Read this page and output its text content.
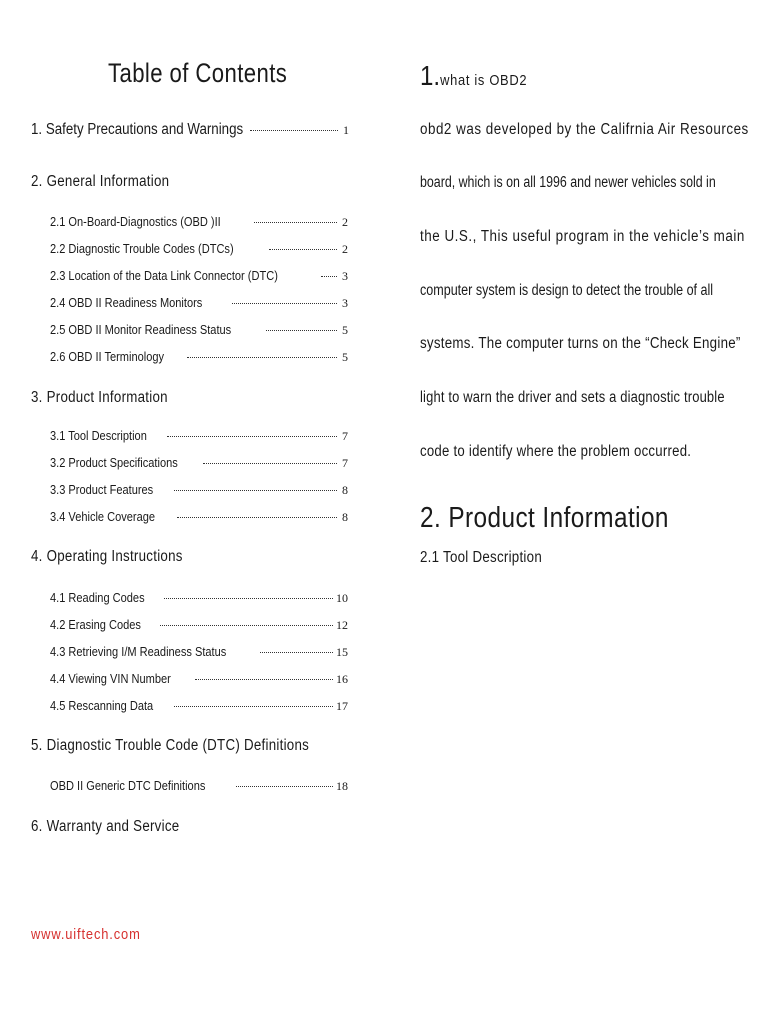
Table of Contents
1. Safety Precautions and Warnings	1
2. General Information
2.1 On-Board-Diagnostics (OBD )II	2
2.2 Diagnostic Trouble Codes (DTCs)	2
2.3 Location of the Data Link Connector (DTC)	3
2.4 OBD II Readiness Monitors	3
2.5 OBD II Monitor Readiness Status	5
2.6 OBD II Terminology	5
3. Product Information
3.1 Tool Description	7
3.2 Product Specifications	7
3.3 Product Features	8
3.4 Vehicle Coverage	8
4. Operating Instructions
4.1 Reading Codes	10
4.2 Erasing Codes	12
4.3 Retrieving I/M Readiness Status	15
4.4 Viewing VIN Number	16
4.5 Rescanning Data	17
5. Diagnostic Trouble Code (DTC) Definitions
OBD II Generic DTC Definitions	18
6. Warranty and Service
www.uiftech.com
1.what is OBD2
obd2 was developed by the Califrnia Air Resources
board, which is on all 1996 and newer vehicles sold in
the U.S., This useful program in the vehicle’s main
computer system is design to detect the trouble of all
systems. The computer turns on the “Check Engine”
light to warn the driver and sets a diagnostic trouble
code to identify where the problem occurred.
2. Product Information
2.1 Tool Description
